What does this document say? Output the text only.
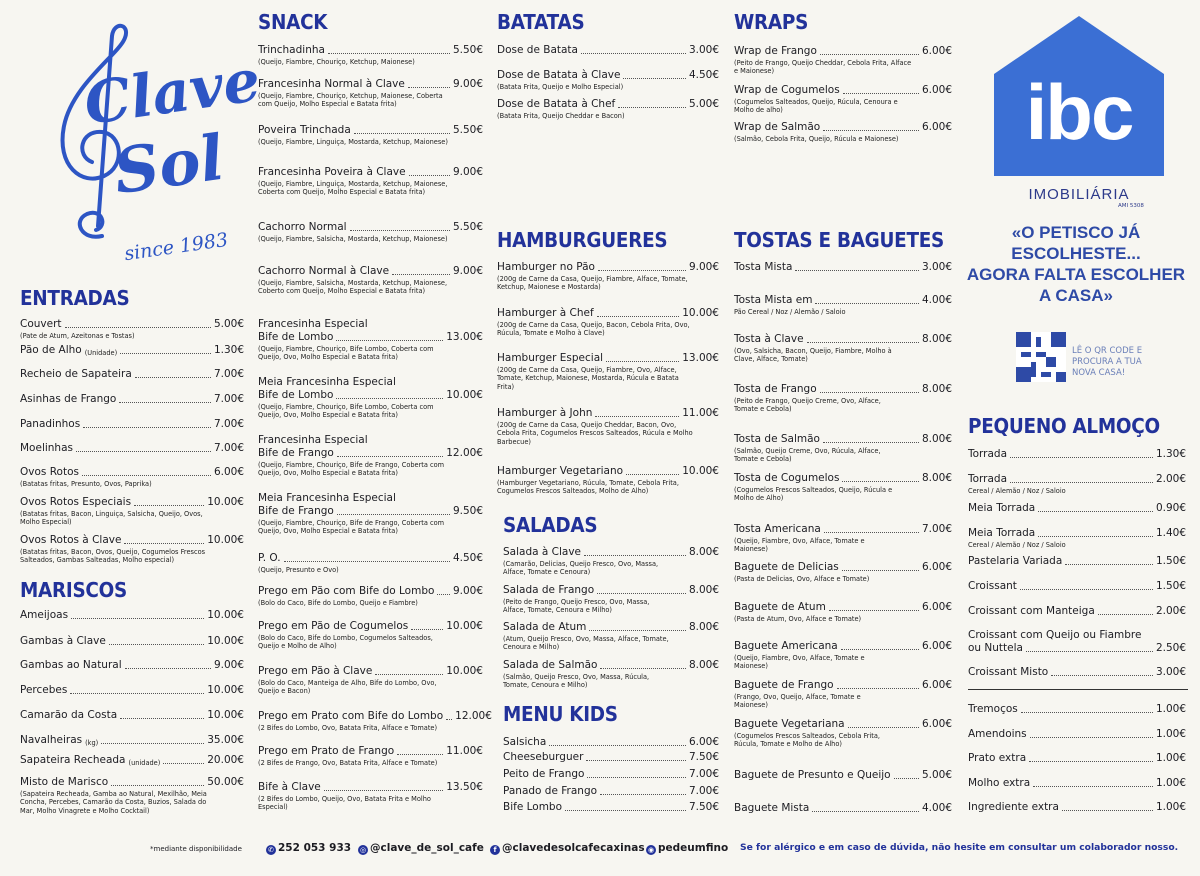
Clave
Sol
since 1983
ENTRADAS
Couvert	5.00€
(Pate de Atum, Azeitonas e Tostas)
Pão de Alho (Unidade)	1.30€
Recheio de Sapateira	7.00€
Asinhas de Frango	7.00€
Panadinhos	7.00€
Moelinhas	7.00€
Ovos Rotos	6.00€
(Batatas fritas, Presunto, Ovos, Paprika)
Ovos Rotos Especiais	10.00€
(Batatas fritas, Bacon, Linguiça, Salsicha, Queijo, Ovos, Molho Especial)
Ovos Rotos à Clave	10.00€
(Batatas fritas, Bacon, Ovos, Queijo, Cogumelos Frescos Salteados, Gambas Salteadas, Molho especial)
MARISCOS
Ameijoas	10.00€
Gambas à Clave	10.00€
Gambas ao Natural	9.00€
Percebes	10.00€
Camarão da Costa	10.00€
Navalheiras (kg)	35.00€
Sapateira Recheada (unidade)	20.00€
Misto de Marisco	50.00€
(Sapateira Recheada, Gamba ao Natural, Mexilhão, Meia Concha, Percebes, Camarão da Costa, Buzios, Salada do Mar, Molho Vinagrete e Molho Cocktail)
SNACK
Trinchadinha	5.50€
(Queijo, Fiambre, Chouriço, Ketchup, Maionese)
Francesinha Normal à Clave	9.00€
(Queijo, Fiambre, Chouriço, Ketchup, Maionese, Coberta com Queijo, Molho Especial e Batata frita)
Poveira Trinchada	5.50€
(Queijo, Fiambre, Linguiça, Mostarda, Ketchup, Maionese)
Francesinha Poveira à Clave	9.00€
(Queijo, Fiambre, Linguiça, Mostarda, Ketchup, Maionese, Coberta com Queijo, Molho Especial e Batata frita)
Cachorro Normal	5.50€
(Queijo, Fiambre, Salsicha, Mostarda, Ketchup, Maionese)
Cachorro Normal à Clave	9.00€
(Queijo, Fiambre, Salsicha, Mostarda, Ketchup, Maionese, Coberto com Queijo, Molho Especial e Batata frita)
Francesinha Especial
Bife de Lombo	13.00€
(Queijo, Fiambre, Chouriço, Bife Lombo, Coberta com Queijo, Ovo, Molho Especial e Batata frita)
Meia Francesinha Especial
Bife de Lombo	10.00€
(Queijo, Fiambre, Chouriço, Bife Lombo, Coberta com Queijo, Ovo, Molho Especial e Batata frita)
Francesinha Especial
Bife de Frango	12.00€
(Queijo, Fiambre, Chouriço, Bife de Frango, Coberta com Queijo, Ovo, Molho Especial e Batata frita)
Meia Francesinha Especial
Bife de Frango	9.50€
(Queijo, Fiambre, Chouriço, Bife de Frango, Coberta com Queijo, Ovo, Molho Especial e Batata frita)
P. O.	4.50€
(Queijo, Presunto e Ovo)
Prego em Pão com Bife do Lombo 9.00€
(Bolo do Caco, Bife do Lombo, Queijo e Fiambre)
Prego em Pão de Cogumelos	10.00€
(Bolo do Caco, Bife do Lombo, Cogumelos Salteados, Queijo e Molho de Alho)
Prego em Pão à Clave	10.00€
(Bolo do Caco, Manteiga de Alho, Bife do Lombo, Ovo, Queijo e Bacon)
Prego em Prato com Bife do Lombo 12.00€
(2 Bifes do Lombo, Ovo, Batata Frita, Alface e Tomate)
Prego em Prato de Frango	11.00€
(2 Bifes de Frango, Ovo, Batata Frita, Alface e Tomate)
Bife à Clave	13.50€
(2 Bifes do Lombo, Queijo, Ovo, Batata Frita e Molho Especial)
BATATAS
Dose de Batata	3.00€
Dose de Batata à Clave	4.50€
(Batata Frita, Queijo e Molho Especial)
Dose de Batata à Chef	5.00€
(Batata Frita, Queijo Cheddar e Bacon)
HAMBURGUERES
Hamburger no Pão	9.00€
(200g de Carne da Casa, Queijo, Fiambre, Alface, Tomate, Ketchup, Maionese e Mostarda)
Hamburger à Chef	10.00€
(200g de Carne da Casa, Queijo, Bacon, Cebola Frita, Ovo, Rúcula, Tomate e Molho à Clave)
Hamburger Especial	13.00€
(200g de Carne da Casa, Queijo, Fiambre, Ovo, Alface, Tomate, Ketchup, Maionese, Mostarda, Rúcula e Batata Frita)
Hamburger à John	11.00€
(200g de Carne da Casa, Queijo Cheddar, Bacon, Ovo, Cebola Frita, Cogumelos Frescos Salteados, Rúcula e Molho Barbecue)
Hamburger Vegetariano	10.00€
(Hamburger Vegetariano, Rúcula, Tomate, Cebola Frita, Cogumelos Frescos Salteados, Molho de Alho)
SALADAS
Salada à Clave	8.00€
(Camarão, Delicias, Queijo Fresco, Ovo, Massa, Alface, Tomate e Cenoura)
Salada de Frango	8.00€
(Peito de Frango, Queijo Fresco, Ovo, Massa, Alface, Tomate, Cenoura e Milho)
Salada de Atum	8.00€
(Atum, Queijo Fresco, Ovo, Massa, Alface, Tomate, Cenoura e Milho)
Salada de Salmão	8.00€
(Salmão, Queijo Fresco, Ovo, Massa, Rúcula, Tomate, Cenoura e Milho)
MENU KIDS
Salsicha	6.00€
Cheeseburguer	7.50€
Peito de Frango	7.00€
Panado de Frango	7.00€
Bife Lombo	7.50€
WRAPS
Wrap de Frango	6.00€
(Peito de Frango, Queijo Cheddar, Cebola Frita, Alface e Maionese)
Wrap de Cogumelos	6.00€
(Cogumelos Salteados, Queijo, Rúcula, Cenoura e Molho de alho)
Wrap de Salmão	6.00€
(Salmão, Cebola Frita, Queijo, Rúcula e Maionese)
TOSTAS E BAGUETES
Tosta Mista	3.00€
Tosta Mista em	4.00€
Pão Cereal / Noz / Alemão / Saloio
Tosta à Clave	8.00€
(Ovo, Salsicha, Bacon, Queijo, Fiambre, Molho à Clave, Alface, Tomate)
Tosta de Frango	8.00€
(Peito de Frango, Queijo Creme, Ovo, Alface, Tomate e Cebola)
Tosta de Salmão	8.00€
(Salmão, Queijo Creme, Ovo, Rúcula, Alface, Tomate e Cebola)
Tosta de Cogumelos	8.00€
(Cogumelos Frescos Salteados, Queijo, Rúcula e Molho de Alho)
Tosta Americana	7.00€
(Queijo, Fiambre, Ovo, Alface, Tomate e Maionese)
Baguete de Delicias	6.00€
(Pasta de Delicias, Ovo, Alface e Tomate)
Baguete de Atum	6.00€
(Pasta de Atum, Ovo, Alface e Tomate)
Baguete Americana	6.00€
(Queijo, Fiambre, Ovo, Alface, Tomate e Maionese)
Baguete de Frango	6.00€
(Frango, Ovo, Queijo, Alface, Tomate e Maionese)
Baguete Vegetariana	6.00€
(Cogumelos Frescos Salteados, Cebola Frita, Rúcula, Tomate e Molho de Alho)
Baguete de Presunto e Queijo	5.00€
Baguete Mista	4.00€
ibc
IMOBILIÁRIA
AMI 5308
«O PETISCO JÁ
ESCOLHESTE...
AGORA FALTA ESCOLHER
A CASA»
LÊ O QR CODE E
PROCURA A TUA
NOVA CASA!
PEQUENO ALMOÇO
Torrada	1.30€
Torrada	2.00€
Cereal / Alemão / Noz / Saloio
Meia Torrada	0.90€
Meia Torrada	1.40€
Cereal / Alemão / Noz / Saloio
Pastelaria Variada	1.50€
Croissant	1.50€
Croissant com Manteiga	2.00€
Croissant com Queijo ou Fiambre
ou Nuttela	2.50€
Croissant Misto	3.00€
Tremoços	1.00€
Amendoins	1.00€
Prato extra	1.00€
Molho extra	1.00€
Ingrediente extra	1.00€
*mediante disponibilidade	✆ 252 053 933 ◎ @clave_de_sol_cafe	f @clavedesolcafecaxinas ◉ pedeumfino Se for alérgico e em caso de dúvida, não hesite em consultar um colaborador nosso.
